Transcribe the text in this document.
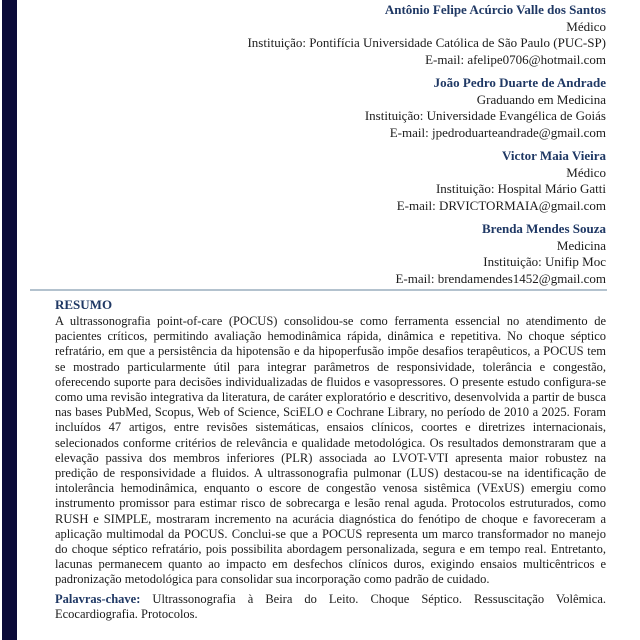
Antônio Felipe Acúrcio Valle dos Santos
Médico
Instituição: Pontifícia Universidade Católica de São Paulo (PUC-SP)
E-mail: afelipe0706@hotmail.com
João Pedro Duarte de Andrade
Graduando em Medicina
Instituição: Universidade Evangélica de Goiás
E-mail: jpedroduarteandrade@gmail.com
Victor Maia Vieira
Médico
Instituição: Hospital Mário Gatti
E-mail: DRVICTORMAIA@gmail.com
Brenda Mendes Souza
Medicina
Instituição: Unifip Moc
E-mail: brendamendes1452@gmail.com

RESUMO

A ultrassonografia point-of-care (POCUS) consolidou-se como ferramenta essencial no atendimento de pacientes críticos, permitindo avaliação hemodinâmica rápida, dinâmica e repetitiva. No choque séptico refratário, em que a persistência da hipotensão e da hipoperfusão impõe desafios terapêuticos, a POCUS tem se mostrado particularmente útil para integrar parâmetros de responsividade, tolerância e congestão, oferecendo suporte para decisões individualizadas de fluidos e vasopressores. O presente estudo configura-se como uma revisão integrativa da literatura, de caráter exploratório e descritivo, desenvolvida a partir de busca nas bases PubMed, Scopus, Web of Science, SciELO e Cochrane Library, no período de 2010 a 2025. Foram incluídos 47 artigos, entre revisões sistemáticas, ensaios clínicos, coortes e diretrizes internacionais, selecionados conforme critérios de relevância e qualidade metodológica. Os resultados demonstraram que a elevação passiva dos membros inferiores (PLR) associada ao LVOT-VTI apresenta maior robustez na predição de responsividade a fluidos. A ultrassonografia pulmonar (LUS) destacou-se na identificação de intolerância hemodinâmica, enquanto o escore de congestão venosa sistêmica (VExUS) emergiu como instrumento promissor para estimar risco de sobrecarga e lesão renal aguda. Protocolos estruturados, como RUSH e SIMPLE, mostraram incremento na acurácia diagnóstica do fenótipo de choque e favoreceram a aplicação multimodal da POCUS. Conclui-se que a POCUS representa um marco transformador no manejo do choque séptico refratário, pois possibilita abordagem personalizada, segura e em tempo real. Entretanto, lacunas permanecem quanto ao impacto em desfechos clínicos duros, exigindo ensaios multicêntricos e padronização metodológica para consolidar sua incorporação como padrão de cuidado.

Palavras-chave: Ultrassonografia à Beira do Leito. Choque Séptico. Ressuscitação Volêmica. Ecocardiografia. Protocolos.
